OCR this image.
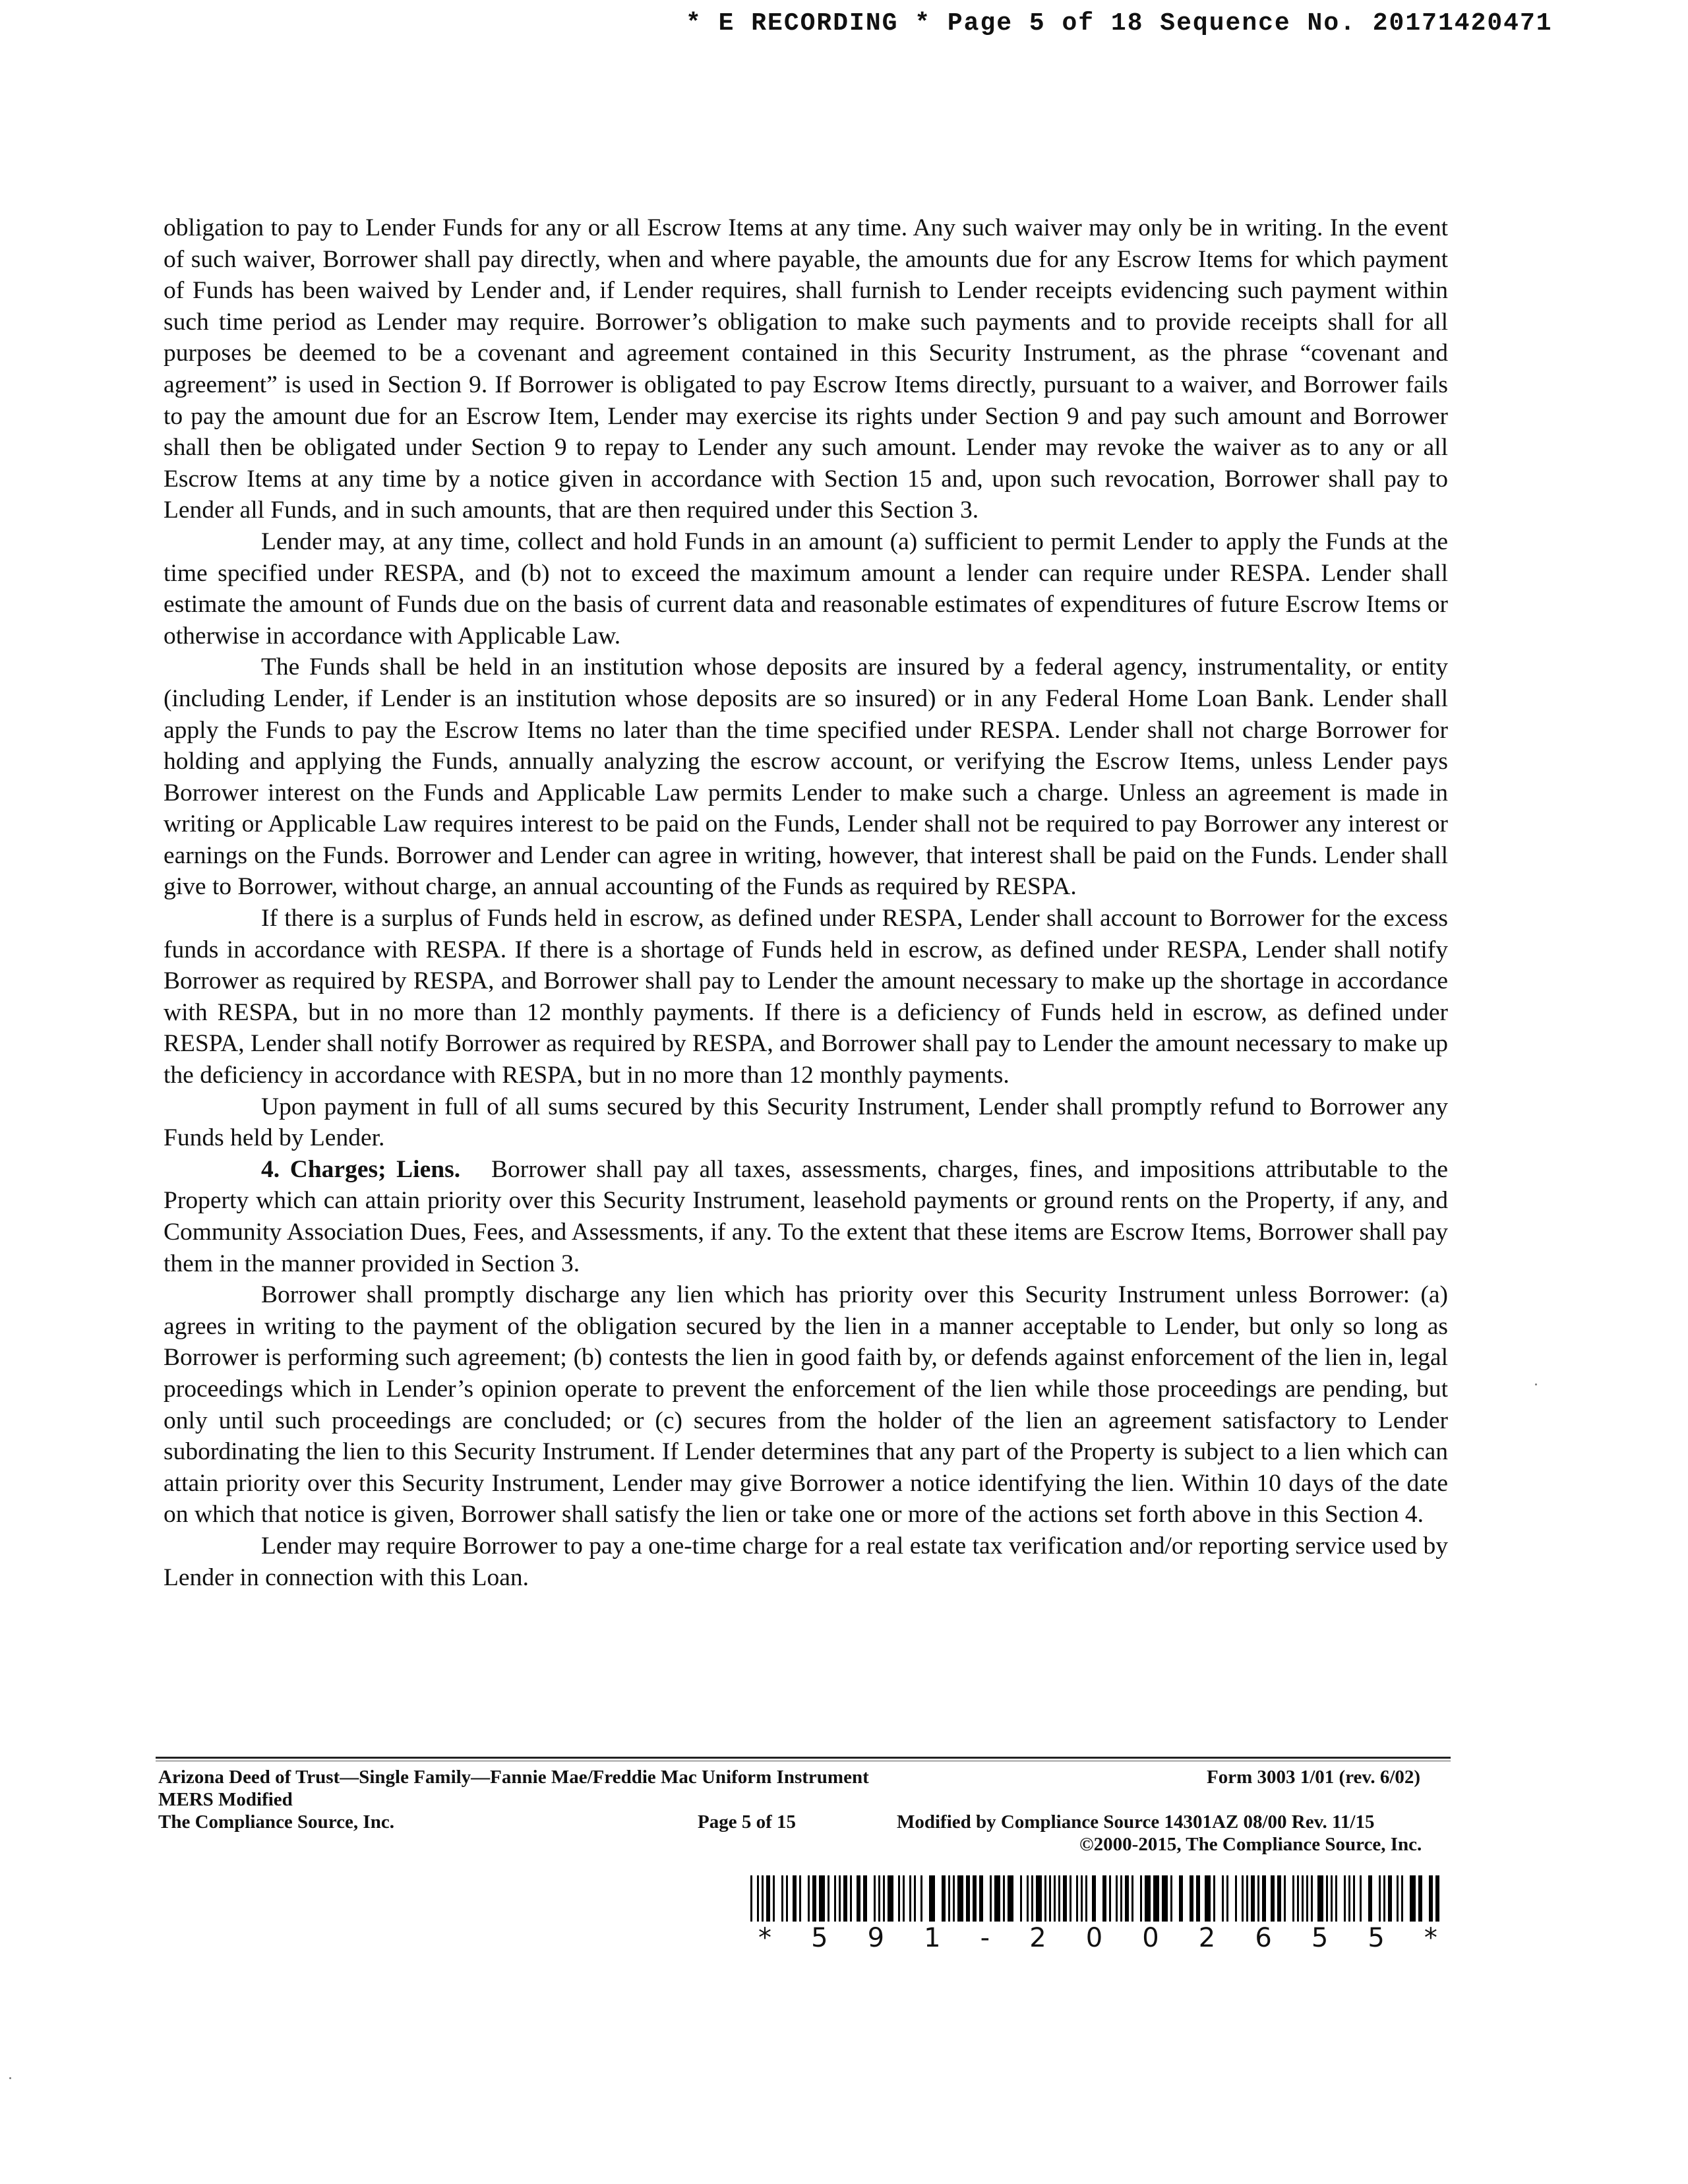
* E RECORDING * Page 5 of 18 Sequence No. 20171420471

obligation to pay to Lender Funds for any or all Escrow Items at any time. Any such waiver may only be in writing. In the event of such waiver, Borrower shall pay directly, when and where payable, the amounts due for any Escrow Items for which payment of Funds has been waived by Lender and, if Lender requires, shall furnish to Lender receipts evidencing such payment within such time period as Lender may require. Borrower’s obligation to make such payments and to provide receipts shall for all purposes be deemed to be a covenant and agreement contained in this Security Instrument, as the phrase “covenant and agreement” is used in Section 9. If Borrower is obligated to pay Escrow Items directly, pursuant to a waiver, and Borrower fails to pay the amount due for an Escrow Item, Lender may exercise its rights under Section 9 and pay such amount and Borrower shall then be obligated under Section 9 to repay to Lender any such amount. Lender may revoke the waiver as to any or all Escrow Items at any time by a notice given in accordance with Section 15 and, upon such revocation, Borrower shall pay to Lender all Funds, and in such amounts, that are then required under this Section 3.

Lender may, at any time, collect and hold Funds in an amount (a) sufficient to permit Lender to apply the Funds at the time specified under RESPA, and (b) not to exceed the maximum amount a lender can require under RESPA. Lender shall estimate the amount of Funds due on the basis of current data and reasonable estimates of expenditures of future Escrow Items or otherwise in accordance with Applicable Law.

The Funds shall be held in an institution whose deposits are insured by a federal agency, instrumentality, or entity (including Lender, if Lender is an institution whose deposits are so insured) or in any Federal Home Loan Bank. Lender shall apply the Funds to pay the Escrow Items no later than the time specified under RESPA. Lender shall not charge Borrower for holding and applying the Funds, annually analyzing the escrow account, or verifying the Escrow Items, unless Lender pays Borrower interest on the Funds and Applicable Law permits Lender to make such a charge. Unless an agreement is made in writing or Applicable Law requires interest to be paid on the Funds, Lender shall not be required to pay Borrower any interest or earnings on the Funds. Borrower and Lender can agree in writing, however, that interest shall be paid on the Funds. Lender shall give to Borrower, without charge, an annual accounting of the Funds as required by RESPA.

If there is a surplus of Funds held in escrow, as defined under RESPA, Lender shall account to Borrower for the excess funds in accordance with RESPA. If there is a shortage of Funds held in escrow, as defined under RESPA, Lender shall notify Borrower as required by RESPA, and Borrower shall pay to Lender the amount necessary to make up the shortage in accordance with RESPA, but in no more than 12 monthly payments. If there is a deficiency of Funds held in escrow, as defined under RESPA, Lender shall notify Borrower as required by RESPA, and Borrower shall pay to Lender the amount necessary to make up the deficiency in accordance with RESPA, but in no more than 12 monthly payments.

Upon payment in full of all sums secured by this Security Instrument, Lender shall promptly refund to Borrower any Funds held by Lender.

4. Charges; Liens. Borrower shall pay all taxes, assessments, charges, fines, and impositions attributable to the Property which can attain priority over this Security Instrument, leasehold payments or ground rents on the Property, if any, and Community Association Dues, Fees, and Assessments, if any. To the extent that these items are Escrow Items, Borrower shall pay them in the manner provided in Section 3.

Borrower shall promptly discharge any lien which has priority over this Security Instrument unless Borrower: (a) agrees in writing to the payment of the obligation secured by the lien in a manner acceptable to Lender, but only so long as Borrower is performing such agreement; (b) contests the lien in good faith by, or defends against enforcement of the lien in, legal proceedings which in Lender’s opinion operate to prevent the enforcement of the lien while those proceedings are pending, but only until such proceedings are concluded; or (c) secures from the holder of the lien an agreement satisfactory to Lender subordinating the lien to this Security Instrument. If Lender determines that any part of the Property is subject to a lien which can attain priority over this Security Instrument, Lender may give Borrower a notice identifying the lien. Within 10 days of the date on which that notice is given, Borrower shall satisfy the lien or take one or more of the actions set forth above in this Section 4.

Lender may require Borrower to pay a one-time charge for a real estate tax verification and/or reporting service used by Lender in connection with this Loan.

Arizona Deed of Trust—Single Family—Fannie Mae/Freddie Mac Uniform Instrument	Form 3003 1/01 (rev. 6/02)
MERS Modified
The Compliance Source, Inc.	Page 5 of 15	Modified by Compliance Source 14301AZ 08/00 Rev. 11/15
©2000-2015, The Compliance Source, Inc.
* 5 9 1 - 2 0 0 2 6 5 5 *
